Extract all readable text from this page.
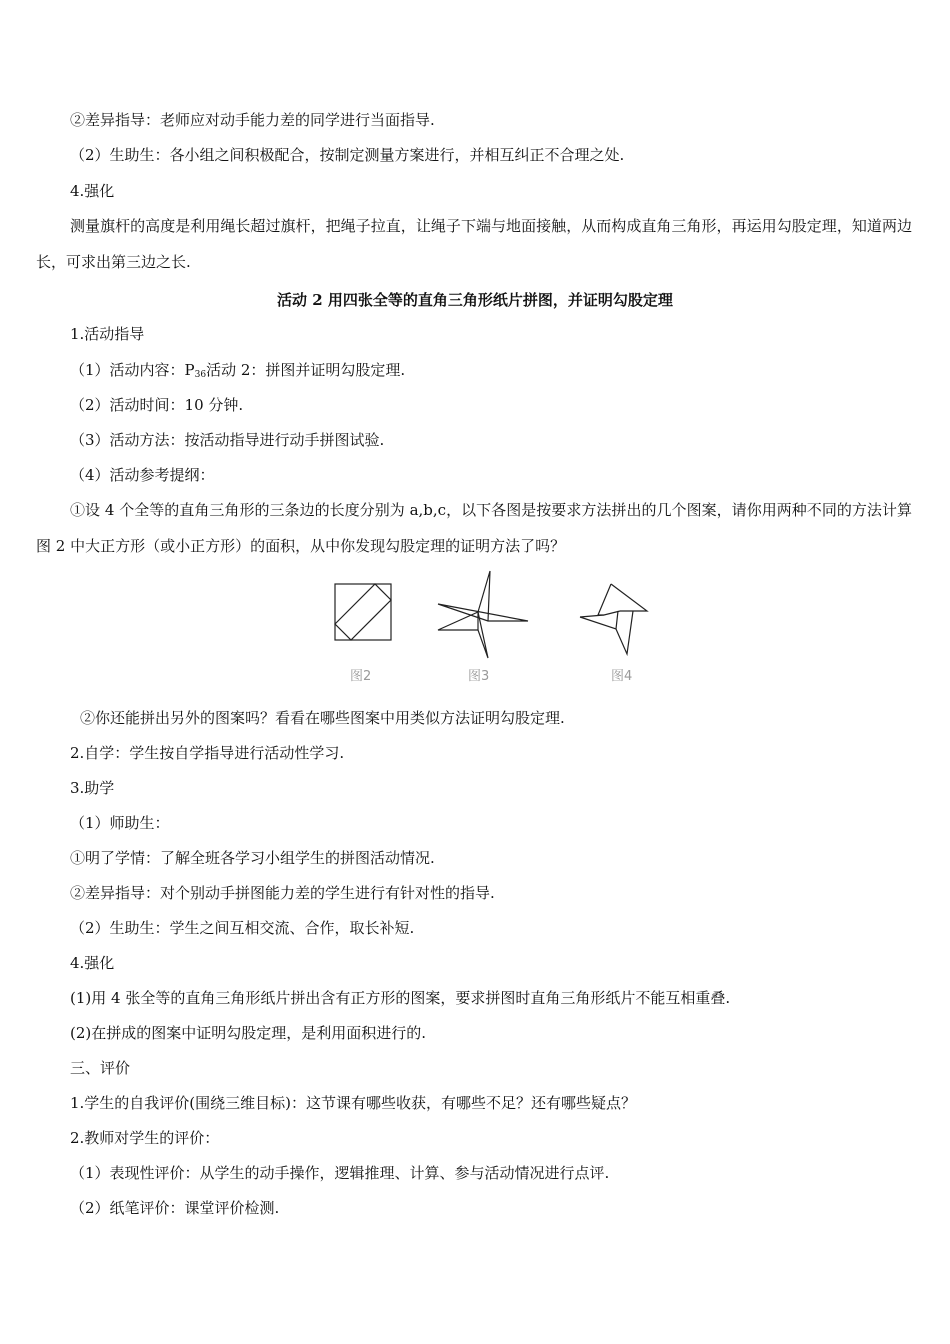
②差异指导：老师应对动手能力差的同学进行当面指导.
（2）生助生：各小组之间积极配合，按制定测量方案进行，并相互纠正不合理之处.
4.强化
测量旗杆的高度是利用绳长超过旗杆，把绳子拉直，让绳子下端与地面接触，从而构成直角三角形，再运用勾股定理，知道两边长，可求出第三边之长.
活动 2 用四张全等的直角三角形纸片拼图，并证明勾股定理
1.活动指导
（1）活动内容：$P_{36}$活动 2：拼图并证明勾股定理.
（2）活动时间：10 分钟.
（3）活动方法：按活动指导进行动手拼图试验.
（4）活动参考提纲：
①设 4 个全等的直角三角形的三条边的长度分别为 a,b,c，以下各图是按要求方法拼出的几个图案，请你用两种不同的方法计算图 2 中大正方形（或小正方形）的面积，从中你发现勾股定理的证明方法了吗？
图2	图3	图4
②你还能拼出另外的图案吗？看看在哪些图案中用类似方法证明勾股定理.
2.自学：学生按自学指导进行活动性学习.
3.助学
（1）师助生：
①明了学情：了解全班各学习小组学生的拼图活动情况.
②差异指导：对个别动手拼图能力差的学生进行有针对性的指导.
（2）生助生：学生之间互相交流、合作，取长补短.
4.强化
(1)用 4 张全等的直角三角形纸片拼出含有正方形的图案，要求拼图时直角三角形纸片不能互相重叠.
(2)在拼成的图案中证明勾股定理，是利用面积进行的.
三、评价
1.学生的自我评价(围绕三维目标)：这节课有哪些收获，有哪些不足？还有哪些疑点？
2.教师对学生的评价：
（1）表现性评价：从学生的动手操作，逻辑推理、计算、参与活动情况进行点评.
（2）纸笔评价：课堂评价检测.
